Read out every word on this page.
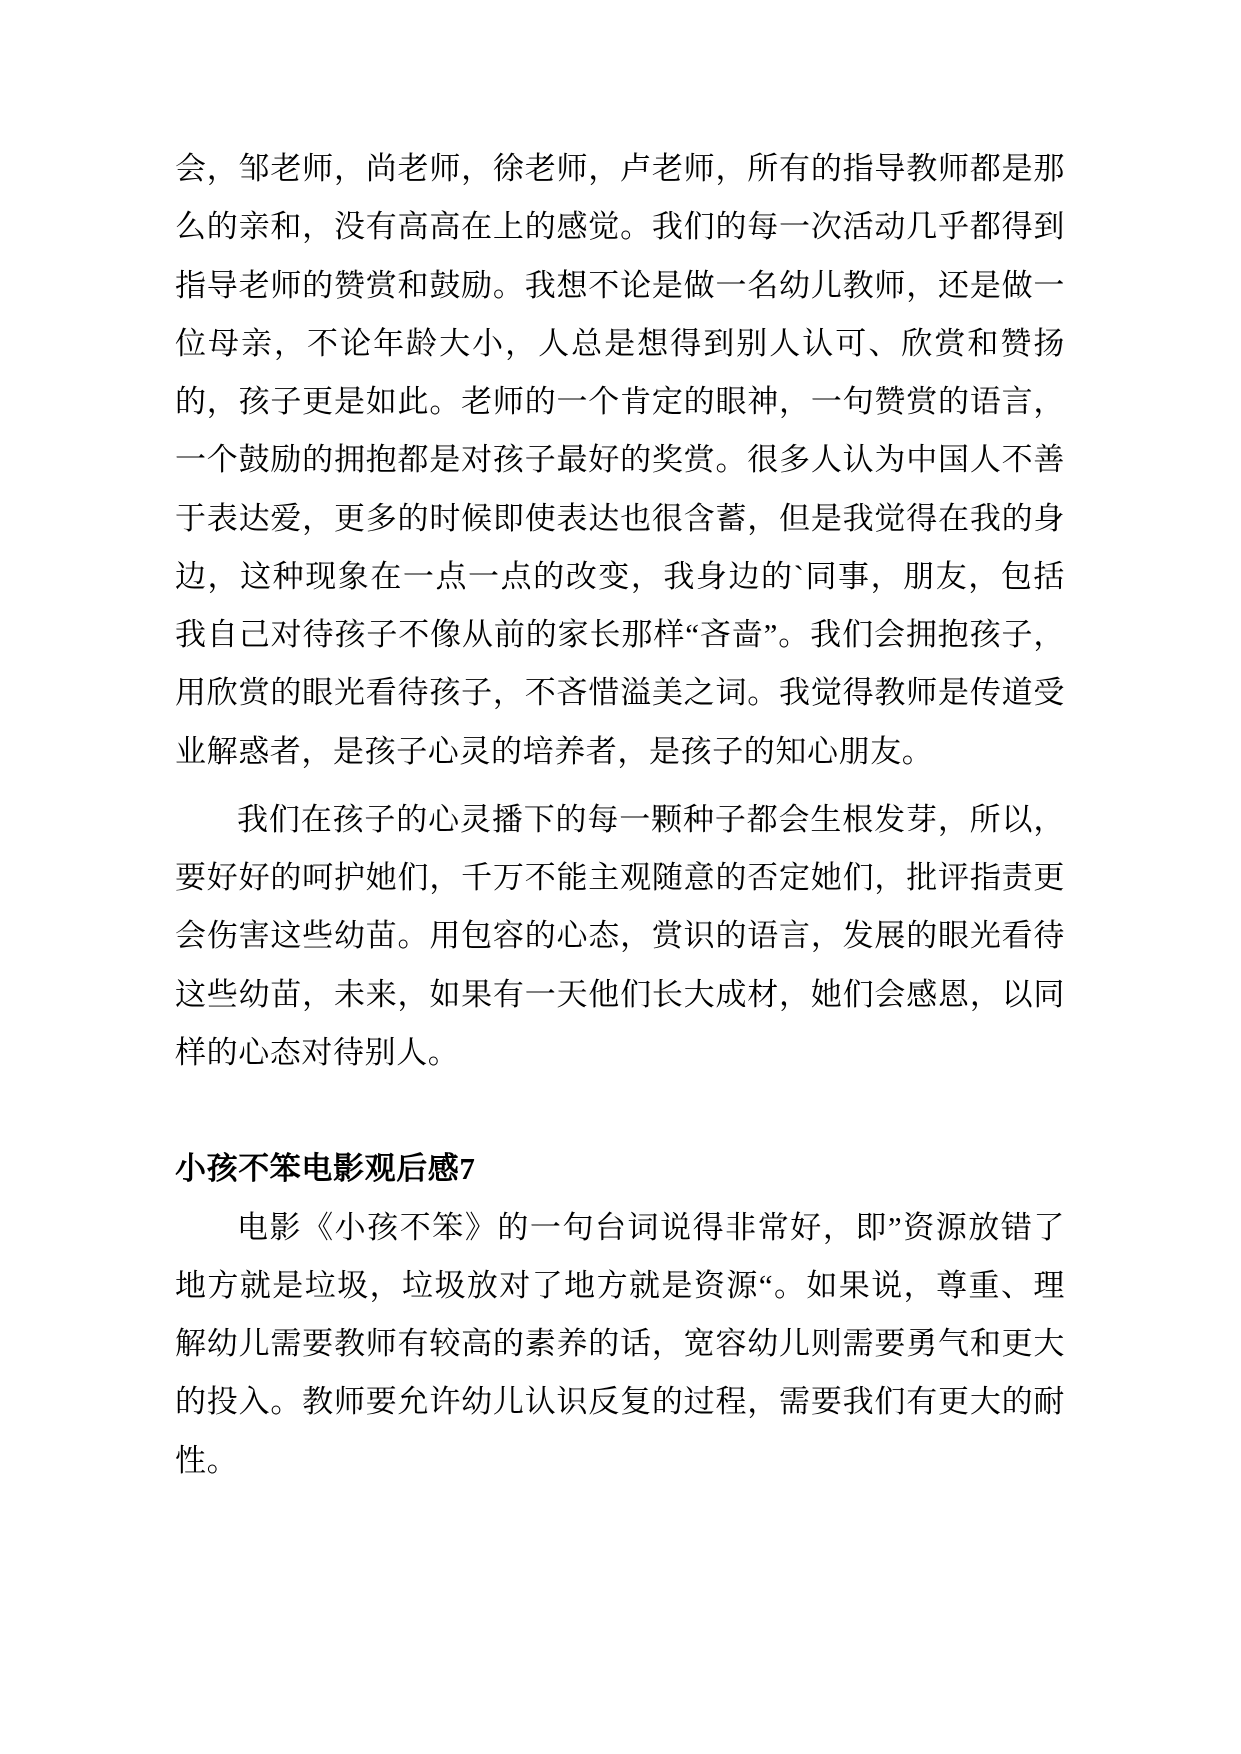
会，邹老师，尚老师，徐老师，卢老师，所有的指导教师都是那么的亲和，没有高高在上的感觉。我们的每一次活动几乎都得到指导老师的赞赏和鼓励。我想不论是做一名幼儿教师，还是做一位母亲，不论年龄大小，人总是想得到别人认可、欣赏和赞扬的，孩子更是如此。老师的一个肯定的眼神，一句赞赏的语言，一个鼓励的拥抱都是对孩子最好的奖赏。很多人认为中国人不善于表达爱，更多的时候即使表达也很含蓄，但是我觉得在我的身边，这种现象在一点一点的改变，我身边的`同事，朋友，包括我自己对待孩子不像从前的家长那样“吝啬”。我们会拥抱孩子，用欣赏的眼光看待孩子，不吝惜溢美之词。我觉得教师是传道受业解惑者，是孩子心灵的培养者，是孩子的知心朋友。

我们在孩子的心灵播下的每一颗种子都会生根发芽，所以，要好好的呵护她们，千万不能主观随意的否定她们，批评指责更会伤害这些幼苗。用包容的心态，赏识的语言，发展的眼光看待这些幼苗，未来，如果有一天他们长大成材，她们会感恩，以同样的心态对待别人。

小孩不笨电影观后感7

电影《小孩不笨》的一句台词说得非常好，即”资源放错了地方就是垃圾，垃圾放对了地方就是资源“。如果说，尊重、理解幼儿需要教师有较高的素养的话，宽容幼儿则需要勇气和更大的投入。教师要允许幼儿认识反复的过程，需要我们有更大的耐性。
